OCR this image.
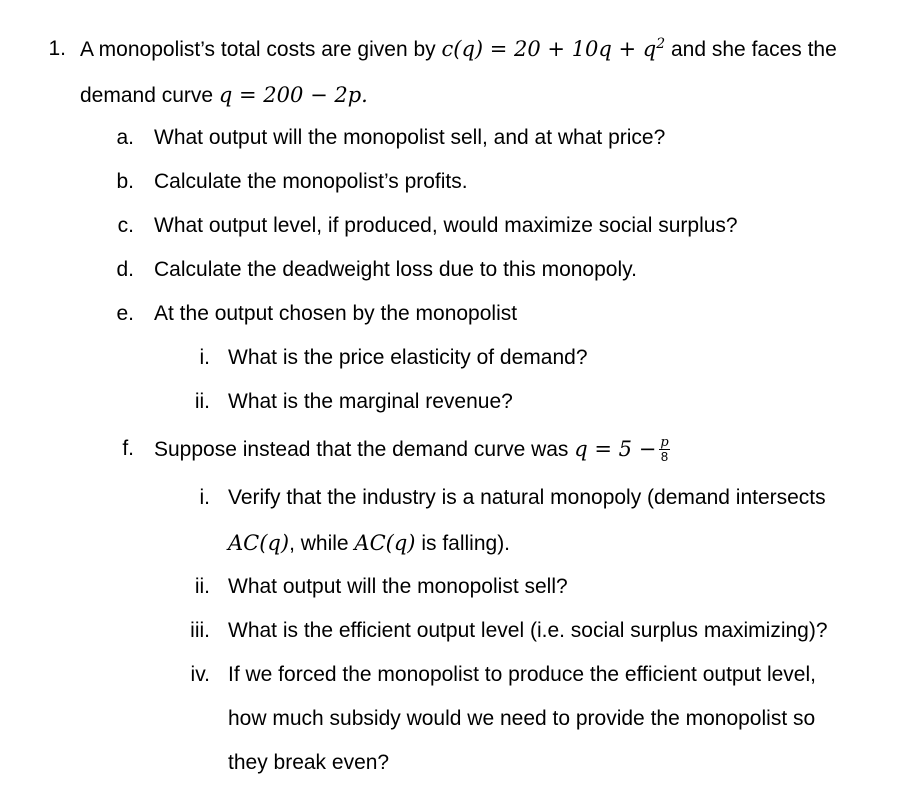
1. A monopolist’s total costs are given by $c(q) = 20 + 10q + q^2$ and she faces the
demand curve q = 200 − 2p.
a. What output will the monopolist sell, and at what price?
b. Calculate the monopolist’s profits.
c. What output level, if produced, would maximize social surplus?
d. Calculate the deadweight loss due to this monopoly.
e. At the output chosen by the monopolist
i. What is the price elasticity of demand?
ii. What is the marginal revenue?
f. Suppose instead that the demand curve was $q = 5 - \frac{p}{8}$
i. Verify that the industry is a natural monopoly (demand intersects
AC(q), while AC(q) is falling).
ii. What output will the monopolist sell?
iii. What is the efficient output level (i.e. social surplus maximizing)?
iv. If we forced the monopolist to produce the efficient output level,
how much subsidy would we need to provide the monopolist so
they break even?
